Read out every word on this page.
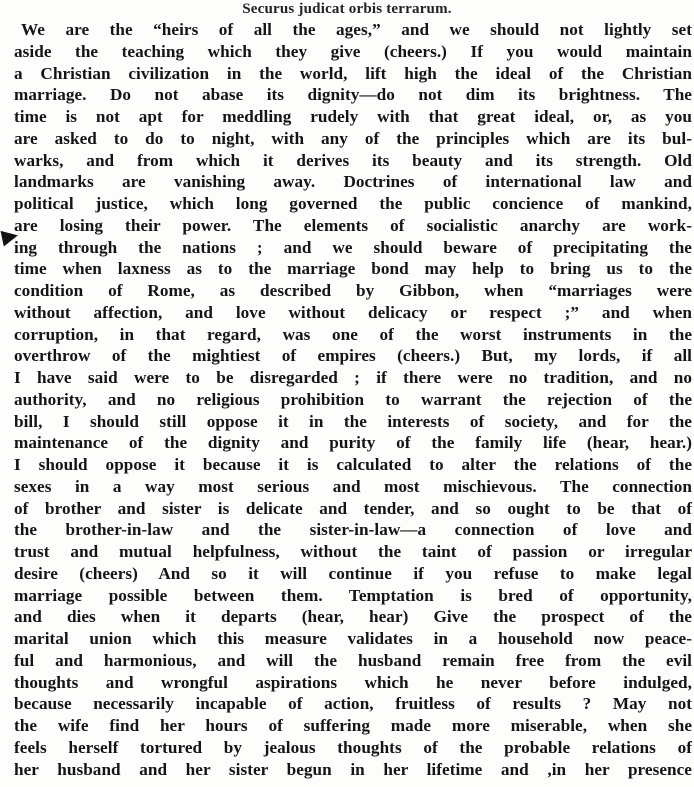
Securus judicat orbis terrarum.
We are the “heirs of all the ages,” and we should not lightly set
aside the teaching which they give (cheers.) If you would maintain
a Christian civilization in the world, lift high the ideal of the Christian
marriage. Do not abase its dignity—do not dim its brightness. The
time is not apt for meddling rudely with that great ideal, or, as you
are asked to do to night, with any of the principles which are its bul-
warks, and from which it derives its beauty and its strength. Old
landmarks are vanishing away. Doctrines of international law and
political justice, which long governed the public concience of mankind,
are losing their power. The elements of socialistic anarchy are work-
ing through the nations ; and we should beware of precipitating the
time when laxness as to the marriage bond may help to bring us to the
condition of Rome, as described by Gibbon, when “marriages were
without affection, and love without delicacy or respect ;” and when
corruption, in that regard, was one of the worst instruments in the
overthrow of the mightiest of empires (cheers.) But, my lords, if all
I have said were to be disregarded ; if there were no tradition, and no
authority, and no religious prohibition to warrant the rejection of the
bill, I should still oppose it in the interests of society, and for the
maintenance of the dignity and purity of the family life (hear, hear.)
I should oppose it because it is calculated to alter the relations of the
sexes in a way most serious and most mischievous. The connection
of brother and sister is delicate and tender, and so ought to be that of
the brother-in-law and the sister-in-law—a connection of love and
trust and mutual helpfulness, without the taint of passion or irregular
desire (cheers) And so it will continue if you refuse to make legal
marriage possible between them. Temptation is bred of opportunity,
and dies when it departs (hear, hear) Give the prospect of the
marital union which this measure validates in a household now peace-
ful and harmonious, and will the husband remain free from the evil
thoughts and wrongful aspirations which he never before indulged,
because necessarily incapable of action, fruitless of results ? May not
the wife find her hours of suffering made more miserable, when she
feels herself tortured by jealous thoughts of the probable relations of
her husband and her sister begun in her lifetime and ,in her presence
